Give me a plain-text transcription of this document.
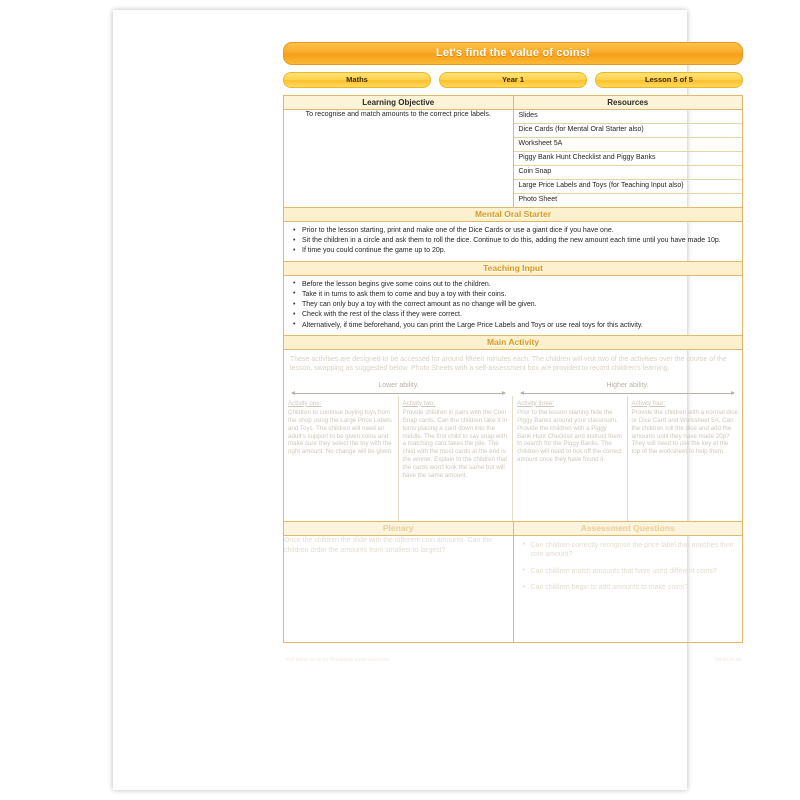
Let's find the value of coins!
Maths	Year 1	Lesson 5 of 5
Learning Objective	Resources
To recognise and match amounts to the correct price labels.	Slides
Dice Cards (for Mental Oral Starter also)
Worksheet 5A
Piggy Bank Hunt Checklist and Piggy Banks
Coin Snap
Large Price Labels and Toys (for Teaching Input also)
Photo Sheet

Mental Oral Starter	

• Prior to the lesson starting, print and make one of the Dice Cards or use a giant dice if you have one.
• Sit the children in a circle and ask them to roll the dice. Continue to do this, adding the new amount each time until you have made 10p.
• If time you could continue the game up to 20p.

Teaching Input	

• Before the lesson begins give some coins out to the children.
• Take it in turns to ask them to come and buy a toy with their coins.
• They can only buy a toy with the correct amount as no change will be given.
• Check with the rest of the class if they were correct.
• Alternatively, if time beforehand, you can print the Large Price Labels and Toys or use real toys for this activity.

Main Activity	

These activities are designed to be accessed for around fifteen minutes each. The children will visit two of the activities over the course of the lesson, swapping as suggested below. Photo Sheets with a self-assessment box are provided to record children's learning.
Lower ability.	Higher ability.
Activity one:
Children to continue buying toys from the shop using the Large Price Labels and Toys. The children will need an adult's support to be given coins and make sure they select the toy with the right amount. No change will be given.
Activity two:
Provide children in pairs with the Coin Snap cards. Can the children take it in turns placing a card down into the middle. The first child to say snap with a matching card takes the pile. The child with the most cards at the end is the winner. Explain to the children that the cards won't look the same but will have the same amount.
Activity three:
Prior to the lesson starting hide the Piggy Banks around your classroom. Provide the children with a Piggy Bank Hunt Checklist and instruct them to search for the Piggy Banks. The children will need to tick off the correct amount once they have found it.
Activity four:
Provide the children with a normal dice or Dice Card and Worksheet 5A. Can the children roll the dice and add the amounts until they have made 20p? They will need to use the key at the top of the worksheet to help them.

Plenary	Assessment Questions
Once the children the slide with the different coin amounts. Can the children order the amounts from smallest to largest?	
• Can children correctly recognise the price label that matches their coin amount?
• Can children match amounts that have used different coins?
• Can children begin to add amounts to make coins?
Visit twinkl.co.uk for thousands more resources.	twinkl.co.uk
